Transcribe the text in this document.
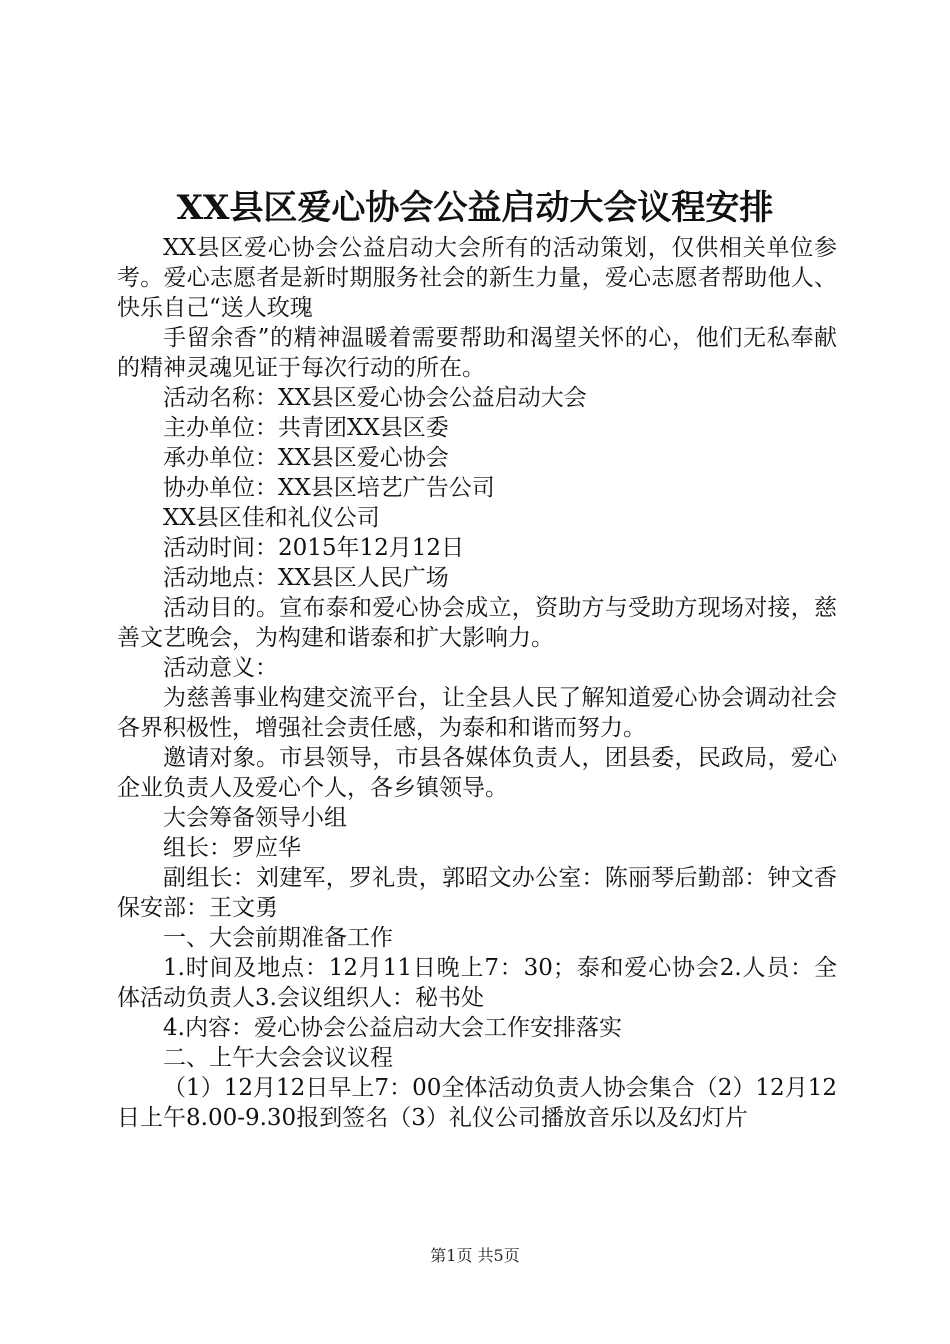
XX县区爱心协会公益启动大会议程安排

XX县区爱心协会公益启动大会所有的活动策划，仅供相关单位参考。爱心志愿者是新时期服务社会的新生力量，爱心志愿者帮助他人、快乐自己“送人玫瑰

手留余香”的精神温暖着需要帮助和渴望关怀的心，他们无私奉献的精神灵魂见证于每次行动的所在。

活动名称：XX县区爱心协会公益启动大会

主办单位：共青团XX县区委

承办单位：XX县区爱心协会

协办单位：XX县区培艺广告公司

XX县区佳和礼仪公司

活动时间：2015年12月12日

活动地点：XX县区人民广场

活动目的。宣布泰和爱心协会成立，资助方与受助方现场对接，慈善文艺晚会，为构建和谐泰和扩大影响力。

活动意义：

为慈善事业构建交流平台，让全县人民了解知道爱心协会调动社会各界积极性，增强社会责任感，为泰和和谐而努力。

邀请对象。市县领导，市县各媒体负责人，团县委，民政局，爱心企业负责人及爱心个人，各乡镇领导。

大会筹备领导小组

组长：罗应华

副组长：刘建军，罗礼贵，郭昭文办公室：陈丽琴后勤部：钟文香保安部：王文勇

一、大会前期准备工作

1.时间及地点：12月11日晚上7：30；泰和爱心协会2.人员：全体活动负责人3.会议组织人：秘书处

4.内容：爱心协会公益启动大会工作安排落实

二、上午大会会议议程

（1）12月12日早上7：00全体活动负责人协会集合（2）12月12日上午8.00-9.30报到签名（3）礼仪公司播放音乐以及幻灯片

第1页 共5页
